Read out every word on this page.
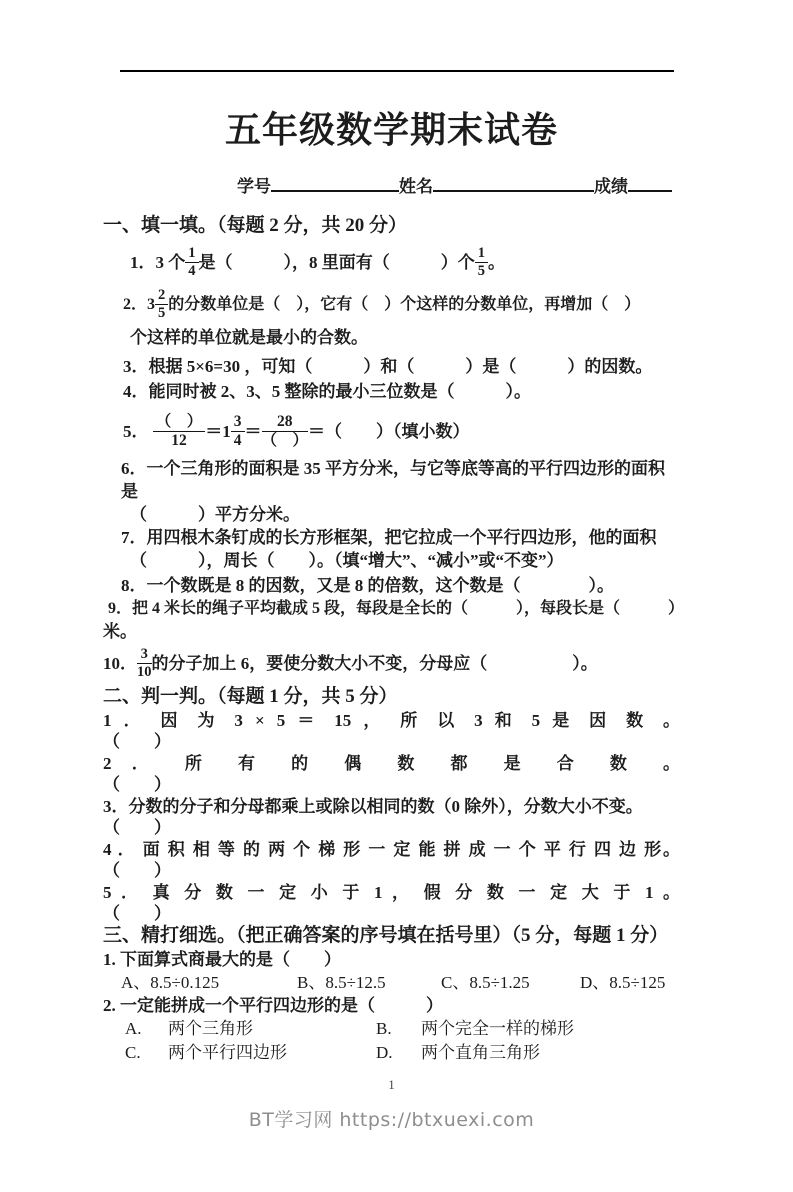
五年级数学期末试卷
学号	姓名	成绩
一、填一填。（每题 2 分，共 20 分）
1． 3 个 $\frac{1}{4}$ 是（　　　），8 里面有（　　　）个 $\frac{1}{5}$ 。
2． $3 \frac{2}{5}$ 的分数单位是（　），它有（　）个这样的分数单位，再增加（　）
个这样的单位就是最小的合数。
3．根据 5×6=30 ，可知（　　　）和（　　　）是（　　　）的因数。
4．能同时被 2、3、5 整除的最小三位数是（　　　）。
5．
$\frac{( )}{12} =1 \frac{3}{4} = \frac{28}{( )}$ ＝（　　）（填小数）
6．一个三角形的面积是 35 平方分米，与它等底等高的平行四边形的面积是
（　　　）平方分米。
7．用四根木条钉成的长方形框架，把它拉成一个平行四边形，他的面积
（　　　），周长（　　）。（填“增大”、“减小”或“不变”）
8．一个数既是 8 的因数，又是 8 的倍数，这个数是（　　　　）。
9．把 4 米长的绳子平均截成 5 段，每段是全长的（　　　），每段长是（　　　）
米。
10． $\frac{3}{10}$ 的分子加上 6，要使分数大小不变，分母应（　　　　　）。
二、判一判。（每题 1 分，共 5 分）
1 ． 因 为 3 × 5 ＝ 15 ， 所 以 3 和 5 是 因 数 。
（　　）
2 ． 所 有 的 偶 数 都 是 合 数 。
（　　）
3．分数的分子和分母都乘上或除以相同的数（0 除外），分数大小不变。
（　　）
4 ． 面 积 相 等 的 两 个 梯 形 一 定 能 拼 成 一 个 平 行 四 边 形。
（　　）
5 ． 真 分 数 一 定 小 于 1 ， 假 分 数 一 定 大 于 1 。
（　　）
三、精打细选。（把正确答案的序号填在括号里）（5 分，每题 1 分）
1. 下面算式商最大的是（　　）
A、8.5÷0.125	B、8.5÷12.5	C、8.5÷1.25	D、8.5÷125
2. 一定能拼成一个平行四边形的是（　　　）
A.	两个三角形	B.	两个完全一样的梯形
C.	两个平行四边形	D.	两个直角三角形
1
BT学习网 https://btxuexi.com
